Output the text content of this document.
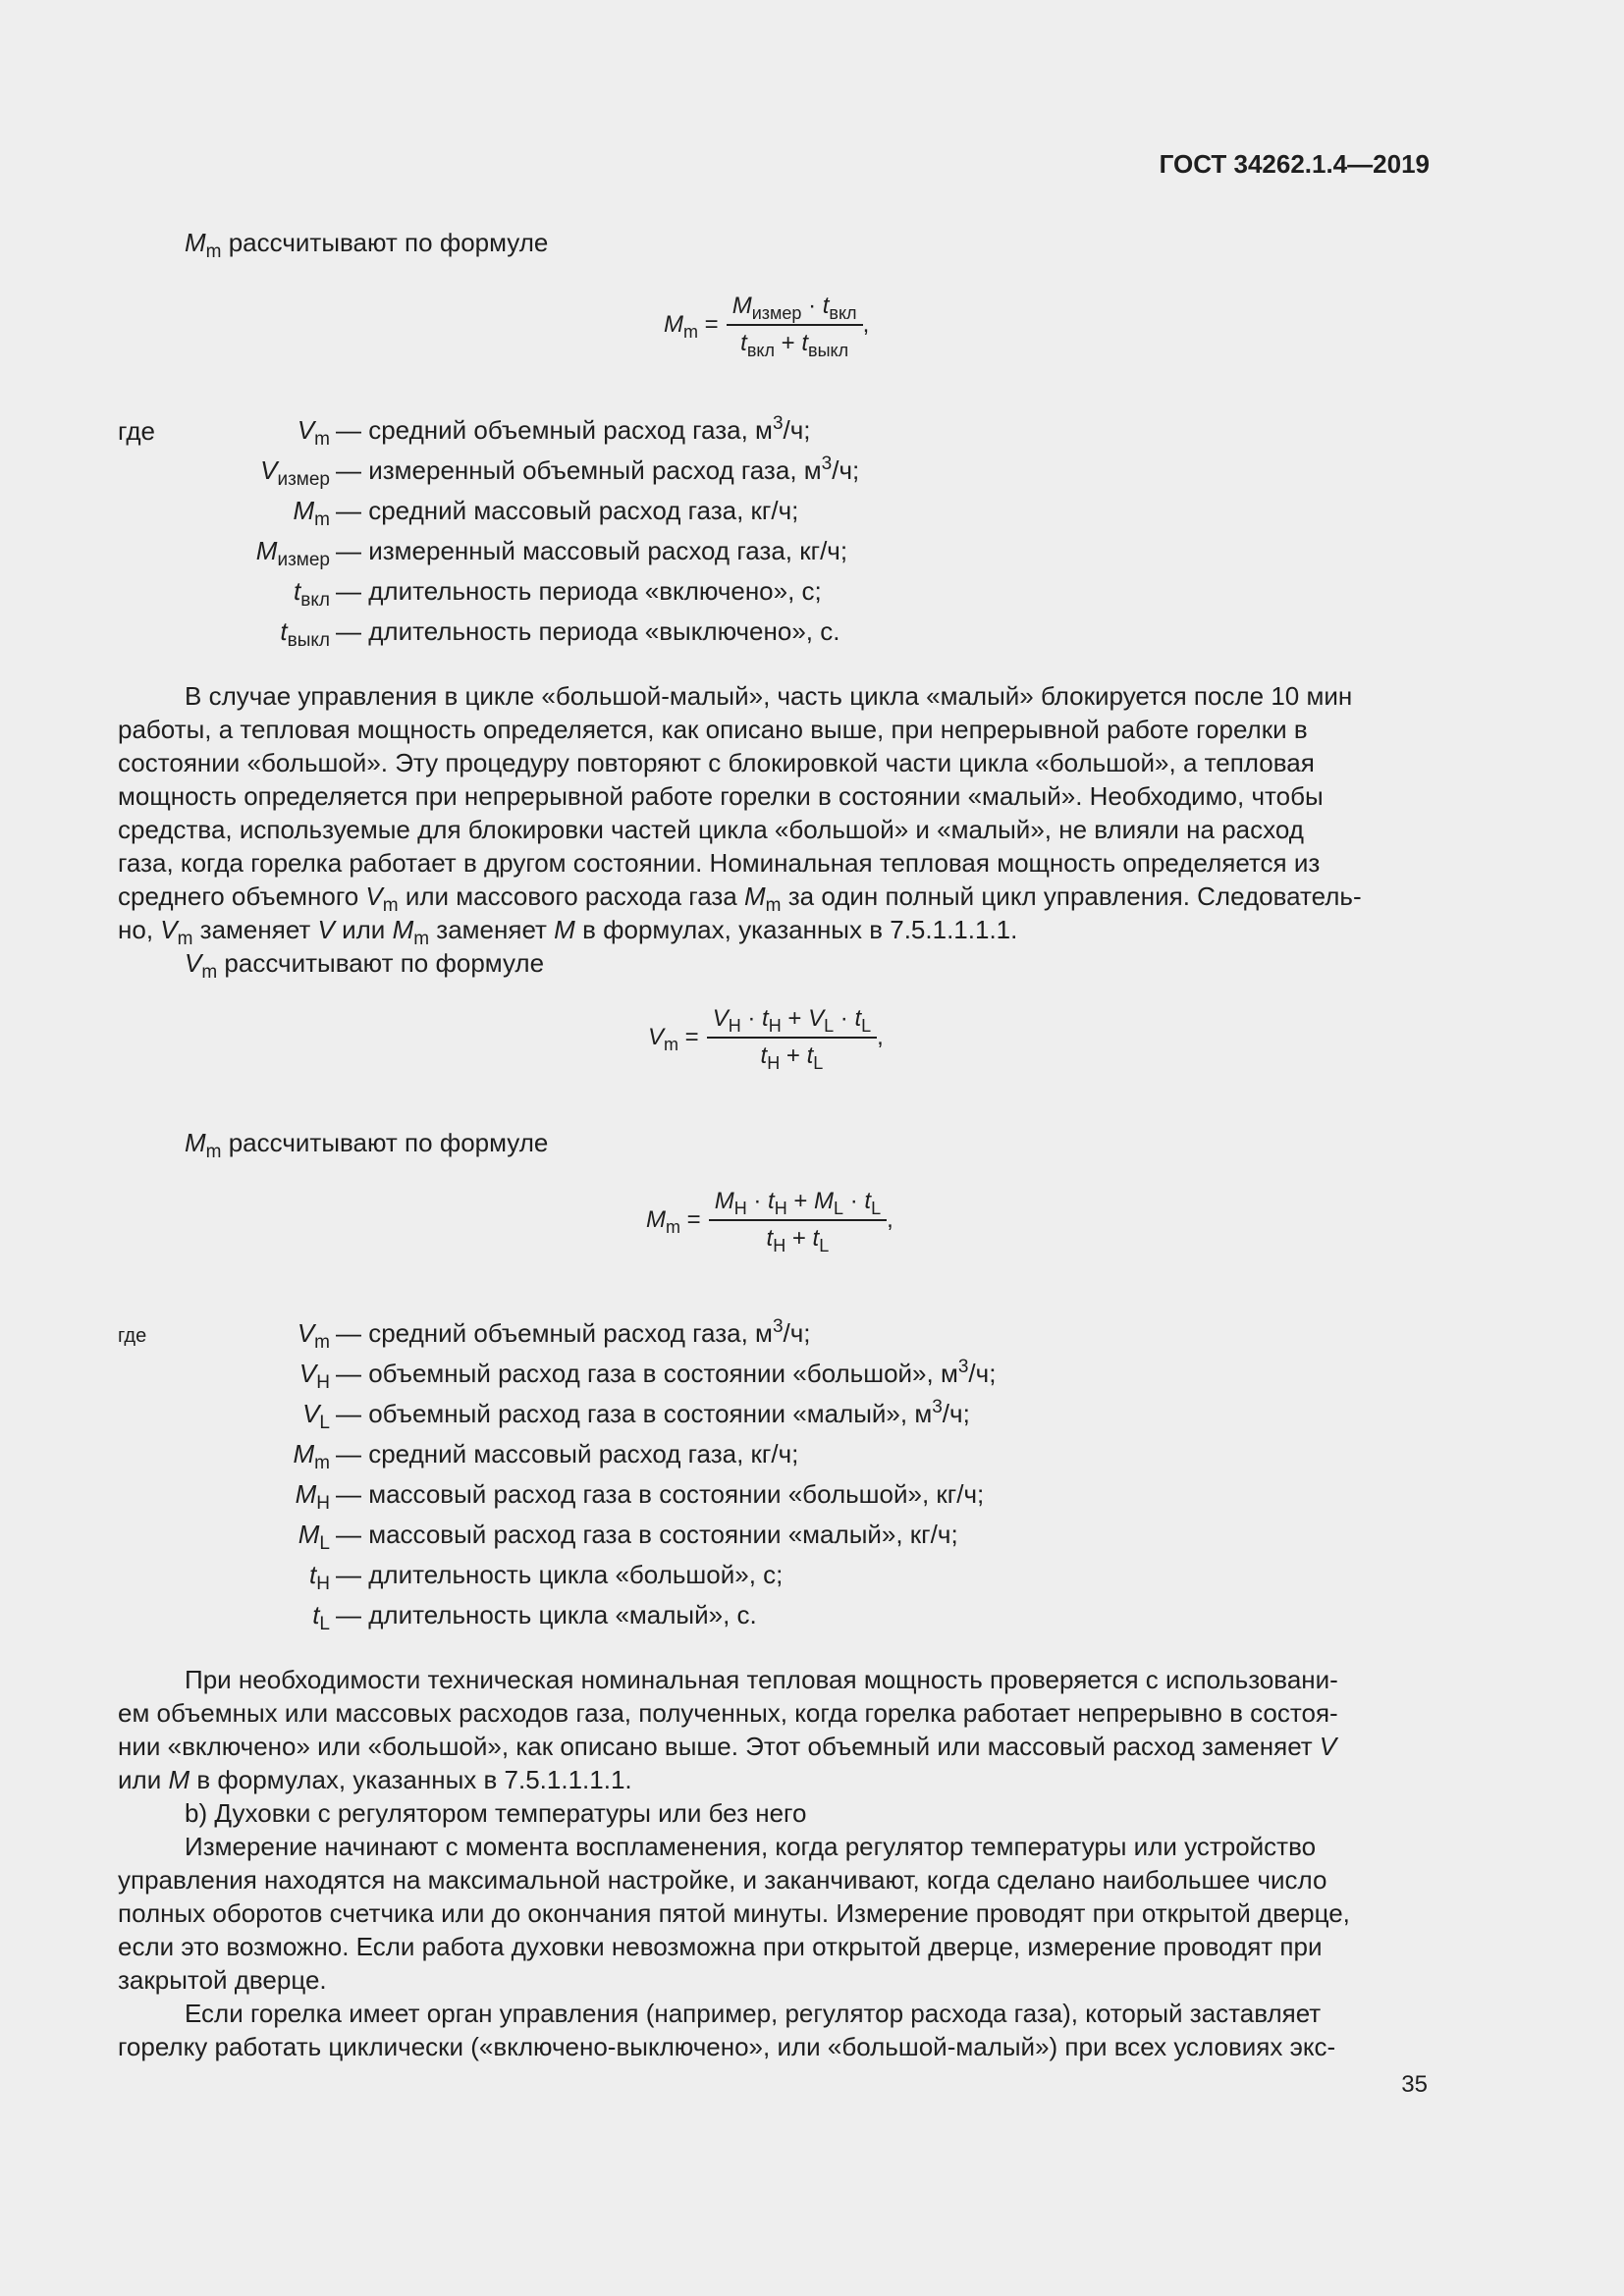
ГОСТ 34262.1.4—2019
$M_m$ рассчитывают по формуле
$M_m = \frac{M_{измер} \cdot t_{вкл}}{t_{вкл} + t_{выкл}}$ ,
где	$V_m$ — средний объемный расход газа, $м^3/ч$;
$V_{измер}$ — измеренный объемный расход газа, $м^3/ч$;
$M_m$ — средний массовый расход газа, кг/ч;
$M_{измер}$ — измеренный массовый расход газа, кг/ч;
$t_{вкл}$ — длительность периода «включено», с;
$t_{выкл}$ — длительность периода «выключено», с.
В случае управления в цикле «большой-малый», часть цикла «малый» блокируется после 10 мин
работы, а тепловая мощность определяется, как описано выше, при непрерывной работе горелки в
состоянии «большой». Эту процедуру повторяют с блокировкой части цикла «большой», а тепловая
мощность определяется при непрерывной работе горелки в состоянии «малый». Необходимо, чтобы
средства, используемые для блокировки частей цикла «большой» и «малый», не влияли на расход
газа, когда горелка работает в другом состоянии. Номинальная тепловая мощность определяется из
среднего объемного $V_m$ или массового расхода газа $M_m$ за один полный цикл управления. Следователь-
но, $V_m$ заменяет V или $M_m$ заменяет M в формулах, указанных в 7.5.1.1.1.1.
$V_m$ рассчитывают по формуле
$V_m = \frac{V_H \cdot t_H + V_L \cdot t_L}{t_H + t_L}$ ,
$M_m$ рассчитывают по формуле
$M_m = \frac{M_H \cdot t_H + M_L \cdot t_L}{t_H + t_L}$ ,
где	$V_m$ — средний объемный расход газа, $м^3/ч$;
$V_H$ — объемный расход газа в состоянии «большой», $м^3/ч$;
$V_L$ — объемный расход газа в состоянии «малый», $м^3/ч$;
$M_m$ — средний массовый расход газа, кг/ч;
$M_H$ — массовый расход газа в состоянии «большой», кг/ч;
$M_L$ — массовый расход газа в состоянии «малый», кг/ч;
$t_H$ — длительность цикла «большой», с;
$t_L$ — длительность цикла «малый», с.
При необходимости техническая номинальная тепловая мощность проверяется с использовани-
ем объемных или массовых расходов газа, полученных, когда горелка работает непрерывно в состоя-
нии «включено» или «большой», как описано выше. Этот объемный или массовый расход заменяет V
или M в формулах, указанных в 7.5.1.1.1.1.
b) Духовки с регулятором температуры или без него
Измерение начинают с момента воспламенения, когда регулятор температуры или устройство
управления находятся на максимальной настройке, и заканчивают, когда сделано наибольшее число
полных оборотов счетчика или до окончания пятой минуты. Измерение проводят при открытой дверце,
если это возможно. Если работа духовки невозможна при открытой дверце, измерение проводят при
закрытой дверце.
Если горелка имеет орган управления (например, регулятор расхода газа), который заставляет
горелку работать циклически («включено-выключено», или «большой-малый») при всех условиях экс-
35
